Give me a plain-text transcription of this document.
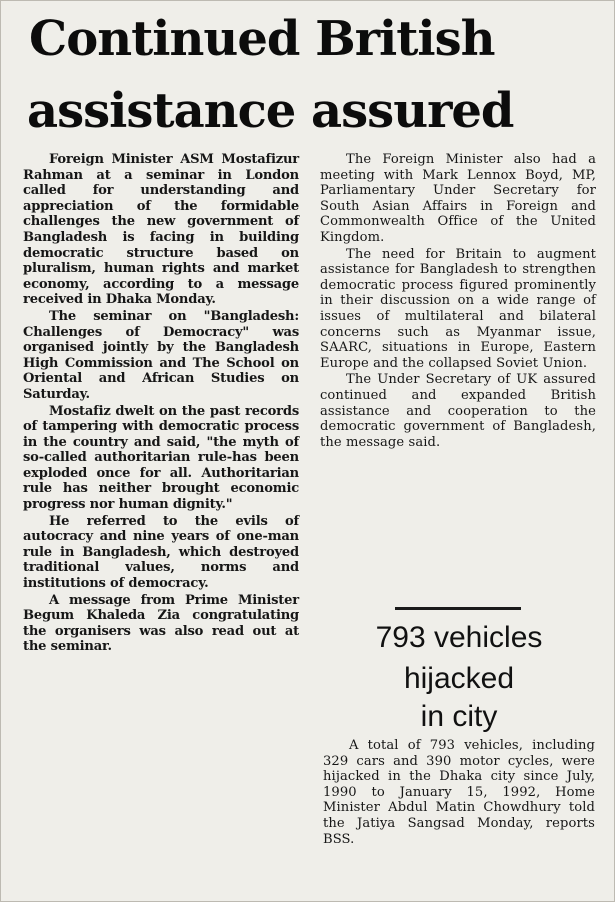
Continued British
assistance assured

Foreign Minister ASM Mostafizur Rahman at a seminar in London called for understanding and appreciation of the formidable challenges the new government of Bangladesh is facing in building democratic structure based on pluralism, human rights and market economy, according to a message received in Dhaka Monday.

The seminar on "Bangladesh: Challenges of Democracy" was organised jointly by the Bangladesh High Commission and The School on Oriental and African Studies on Saturday.

Mostafiz dwelt on the past records of tampering with democratic process in the country and said, "the myth of so-called authoritarian rule-has been exploded once for all. Authoritarian rule has neither brought economic progress nor human dignity."

He referred to the evils of autocracy and nine years of one-man rule in Bangladesh, which destroyed traditional values, norms and institutions of democracy.

A message from Prime Minister Begum Khaleda Zia congratulating the organisers was also read out at the seminar.

The Foreign Minister also had a meeting with Mark Lennox Boyd, MP, Parliamentary Under Secretary for South Asian Affairs in Foreign and Commonwealth Office of the United Kingdom.

The need for Britain to augment assistance for Bangladesh to strengthen democratic process figured prominently in their discussion on a wide range of issues of multilateral and bilateral concerns such as Myanmar issue, SAARC, situations in Europe, Eastern Europe and the collapsed Soviet Union.

The Under Secretary of UK assured continued and expanded British assistance and cooperation to the democratic government of Bangladesh, the message said.

793 vehicles
hijacked
in city

A total of 793 vehicles, including 329 cars and 390 motor cycles, were hijacked in the Dhaka city since July, 1990 to January 15, 1992, Home Minister Abdul Matin Chowdhury told the Jatiya Sangsad Monday, reports BSS.
